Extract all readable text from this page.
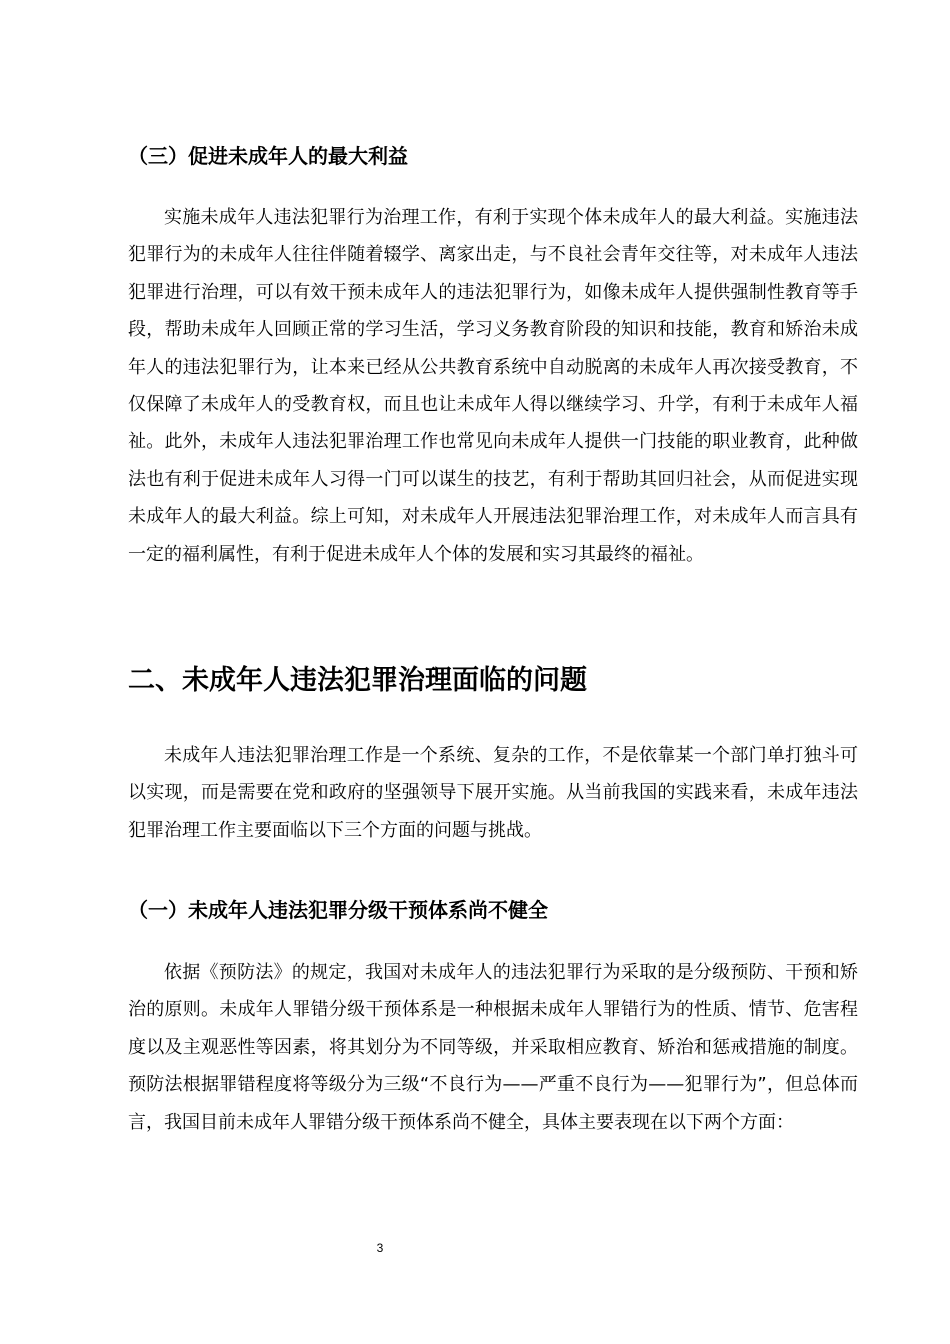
（三）促进未成年人的最大利益

实施未成年人违法犯罪行为治理工作，有利于实现个体未成年人的最大利益。实施违法犯罪行为的未成年人往往伴随着辍学、离家出走，与不良社会青年交往等，对未成年人违法犯罪进行治理，可以有效干预未成年人的违法犯罪行为，如像未成年人提供强制性教育等手段，帮助未成年人回顾正常的学习生活，学习义务教育阶段的知识和技能，教育和矫治未成年人的违法犯罪行为，让本来已经从公共教育系统中自动脱离的未成年人再次接受教育，不仅保障了未成年人的受教育权，而且也让未成年人得以继续学习、升学，有利于未成年人福祉。此外，未成年人违法犯罪治理工作也常见向未成年人提供一门技能的职业教育，此种做法也有利于促进未成年人习得一门可以谋生的技艺，有利于帮助其回归社会，从而促进实现未成年人的最大利益。综上可知，对未成年人开展违法犯罪治理工作，对未成年人而言具有一定的福利属性，有利于促进未成年人个体的发展和实习其最终的福祉。

二、未成年人违法犯罪治理面临的问题

未成年人违法犯罪治理工作是一个系统、复杂的工作，不是依靠某一个部门单打独斗可以实现，而是需要在党和政府的坚强领导下展开实施。从当前我国的实践来看，未成年违法犯罪治理工作主要面临以下三个方面的问题与挑战。

（一）未成年人违法犯罪分级干预体系尚不健全

依据《预防法》的规定，我国对未成年人的违法犯罪行为采取的是分级预防、干预和矫治的原则。未成年人罪错分级干预体系是一种根据未成年人罪错行为的性质、情节、危害程度以及主观恶性等因素，将其划分为不同等级，并采取相应教育、矫治和惩戒措施的制度。预防法根据罪错程度将等级分为三级“不良行为——严重不良行为——犯罪行为”，但总体而言，我国目前未成年人罪错分级干预体系尚不健全，具体主要表现在以下两个方面：

3
